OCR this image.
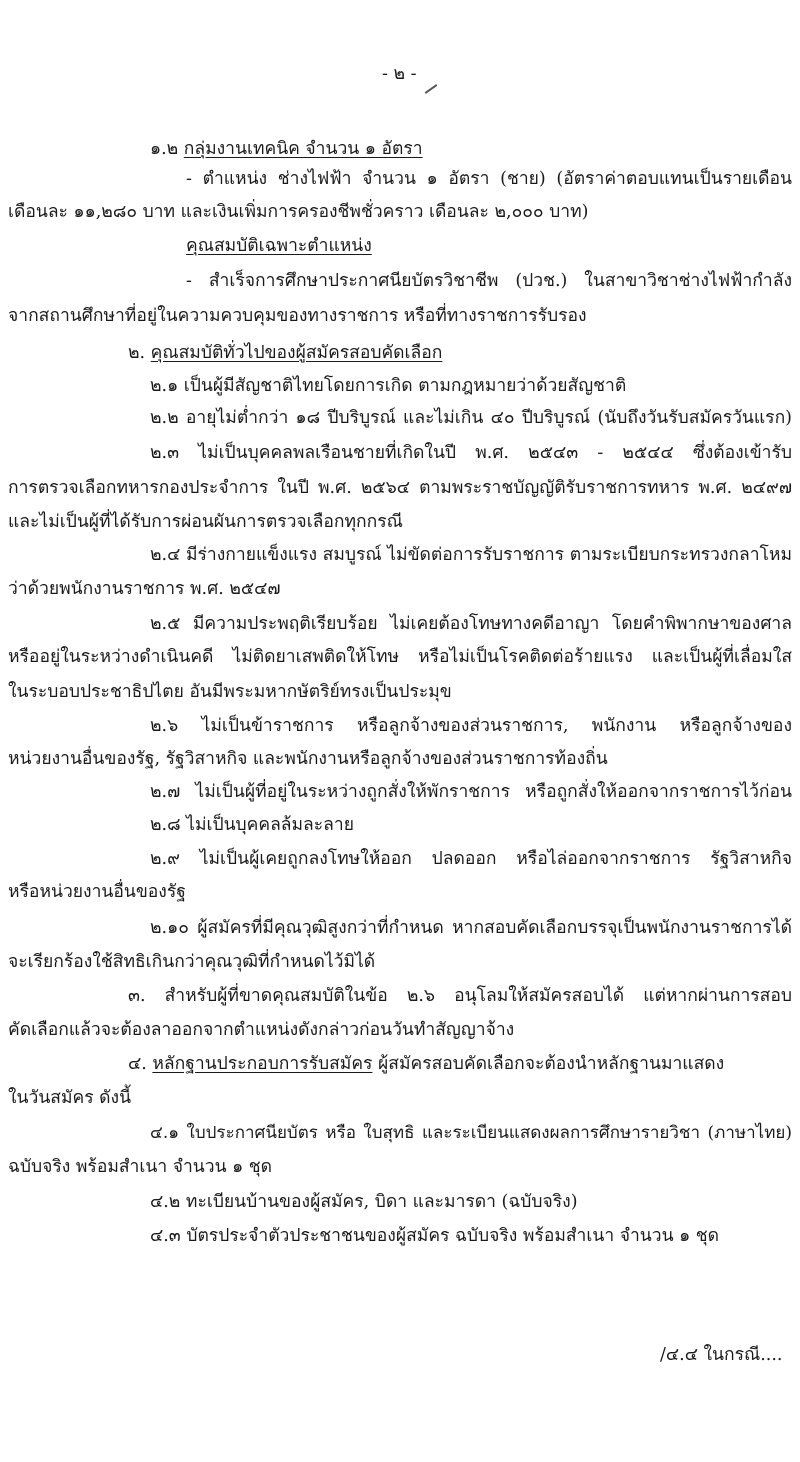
- ๒ -
๑.๒ กลุ่มงานเทคนิค จำนวน ๑ อัตรา
- ตำแหน่ง ช่างไฟฟ้า จำนวน ๑ อัตรา (ชาย) (อัตราค่าตอบแทนเป็นรายเดือน
เดือนละ ๑๑,๒๘๐ บาท และเงินเพิ่มการครองชีพชั่วคราว เดือนละ ๒,๐๐๐ บาท)
คุณสมบัติเฉพาะตำแหน่ง
- สำเร็จการศึกษาประกาศนียบัตรวิชาชีพ (ปวช.) ในสาขาวิชาช่างไฟฟ้ากำลัง
จากสถานศึกษาที่อยู่ในความควบคุมของทางราชการ หรือที่ทางราชการรับรอง
๒. คุณสมบัติทั่วไปของผู้สมัครสอบคัดเลือก
๒.๑ เป็นผู้มีสัญชาติไทยโดยการเกิด ตามกฎหมายว่าด้วยสัญชาติ
๒.๒ อายุไม่ต่ำกว่า ๑๘ ปีบริบูรณ์ และไม่เกิน ๔๐ ปีบริบูรณ์ (นับถึงวันรับสมัครวันแรก)
๒.๓ ไม่เป็นบุคคลพลเรือนชายที่เกิดในปี พ.ศ. ๒๕๔๓ - ๒๕๔๔ ซึ่งต้องเข้ารับ
การตรวจเลือกทหารกองประจำการ ในปี พ.ศ. ๒๕๖๔ ตามพระราชบัญญัติรับราชการทหาร พ.ศ. ๒๔๙๗
และไม่เป็นผู้ที่ได้รับการผ่อนผันการตรวจเลือกทุกกรณี
๒.๔ มีร่างกายแข็งแรง สมบูรณ์ ไม่ขัดต่อการรับราชการ ตามระเบียบกระทรวงกลาโหม
ว่าด้วยพนักงานราชการ พ.ศ. ๒๕๔๗
๒.๕ มีความประพฤติเรียบร้อย ไม่เคยต้องโทษทางคดีอาญา โดยคำพิพากษาของศาล
หรืออยู่ในระหว่างดำเนินคดี ไม่ติดยาเสพติดให้โทษ หรือไม่เป็นโรคติดต่อร้ายแรง และเป็นผู้ที่เลื่อมใส
ในระบอบประชาธิปไตย อันมีพระมหากษัตริย์ทรงเป็นประมุข
๒.๖ ไม่เป็นข้าราชการ หรือลูกจ้างของส่วนราชการ, พนักงาน หรือลูกจ้างของ
หน่วยงานอื่นของรัฐ, รัฐวิสาหกิจ และพนักงานหรือลูกจ้างของส่วนราชการท้องถิ่น
๒.๗ ไม่เป็นผู้ที่อยู่ในระหว่างถูกสั่งให้พักราชการ หรือถูกสั่งให้ออกจากราชการไว้ก่อน
๒.๘ ไม่เป็นบุคคลล้มละลาย
๒.๙ ไม่เป็นผู้เคยถูกลงโทษให้ออก ปลดออก หรือไล่ออกจากราชการ รัฐวิสาหกิจ
หรือหน่วยงานอื่นของรัฐ
๒.๑๐ ผู้สมัครที่มีคุณวุฒิสูงกว่าที่กำหนด หากสอบคัดเลือกบรรจุเป็นพนักงานราชการได้
จะเรียกร้องใช้สิทธิเกินกว่าคุณวุฒิที่กำหนดไว้มิได้
๓. สำหรับผู้ที่ขาดคุณสมบัติในข้อ ๒.๖ อนุโลมให้สมัครสอบได้ แต่หากผ่านการสอบ
คัดเลือกแล้วจะต้องลาออกจากตำแหน่งดังกล่าวก่อนวันทำสัญญาจ้าง
๔. หลักฐานประกอบการรับสมัคร ผู้สมัครสอบคัดเลือกจะต้องนำหลักฐานมาแสดง
ในวันสมัคร ดังนี้
๔.๑ ใบประกาศนียบัตร หรือ ใบสุทธิ และระเบียนแสดงผลการศึกษารายวิชา (ภาษาไทย)
ฉบับจริง พร้อมสำเนา จำนวน ๑ ชุด
๔.๒ ทะเบียนบ้านของผู้สมัคร, บิดา และมารดา (ฉบับจริง)
๔.๓ บัตรประจำตัวประชาชนของผู้สมัคร ฉบับจริง พร้อมสำเนา จำนวน ๑ ชุด
/๔.๔ ในกรณี....
